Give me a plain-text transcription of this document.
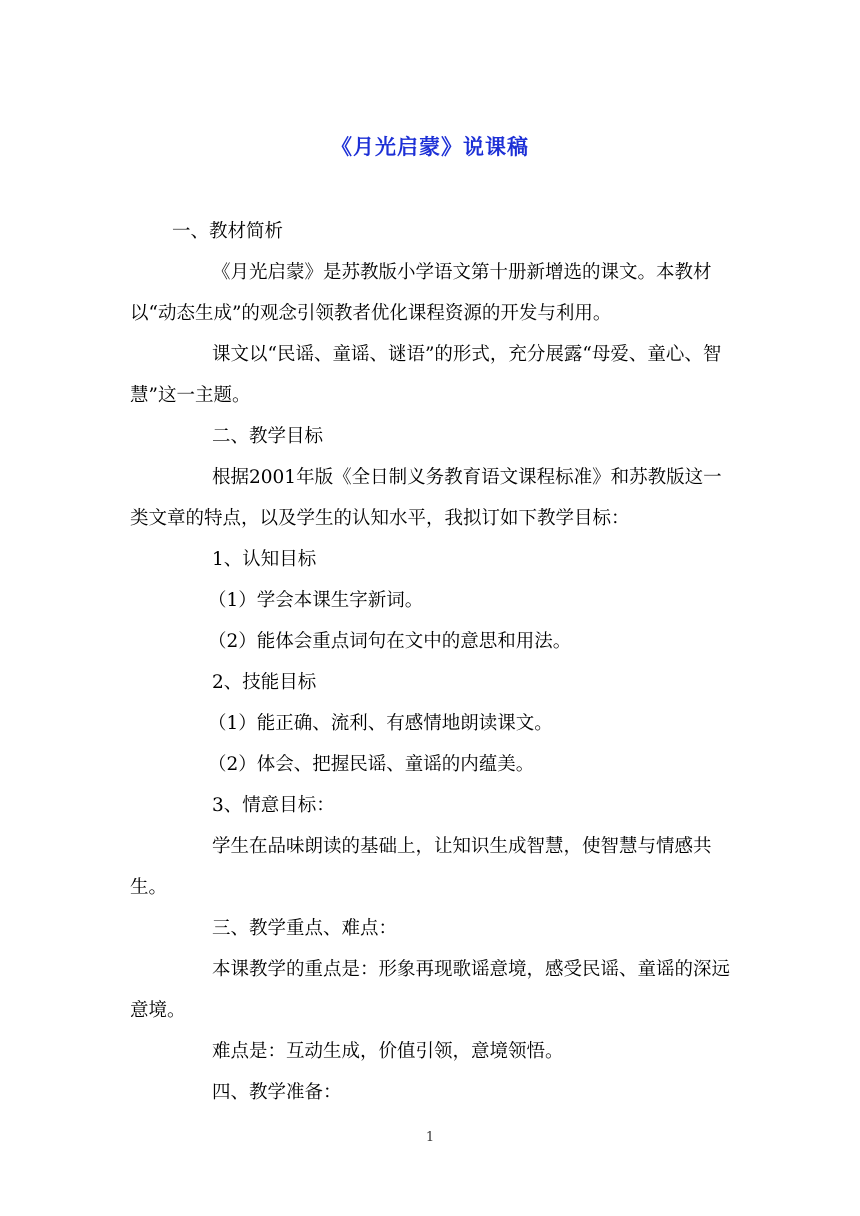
《月光启蒙》说课稿

一、教材简析

《月光启蒙》是苏教版小学语文第十册新增选的课文。本教材以“动态生成”的观念引领教者优化课程资源的开发与利用。

课文以“民谣、童谣、谜语”的形式，充分展露“母爱、童心、智慧”这一主题。

二、教学目标

根据2001年版《全日制义务教育语文课程标准》和苏教版这一类文章的特点，以及学生的认知水平，我拟订如下教学目标：

1、认知目标

（1）学会本课生字新词。

（2）能体会重点词句在文中的意思和用法。

2、技能目标

（1）能正确、流利、有感情地朗读课文。

（2）体会、把握民谣、童谣的内蕴美。

3、情意目标：

学生在品味朗读的基础上，让知识生成智慧，使智慧与情感共生。

三、教学重点、难点：

本课教学的重点是：形象再现歌谣意境，感受民谣、童谣的深远意境。

难点是：互动生成，价值引领，意境领悟。

四、教学准备：

1
